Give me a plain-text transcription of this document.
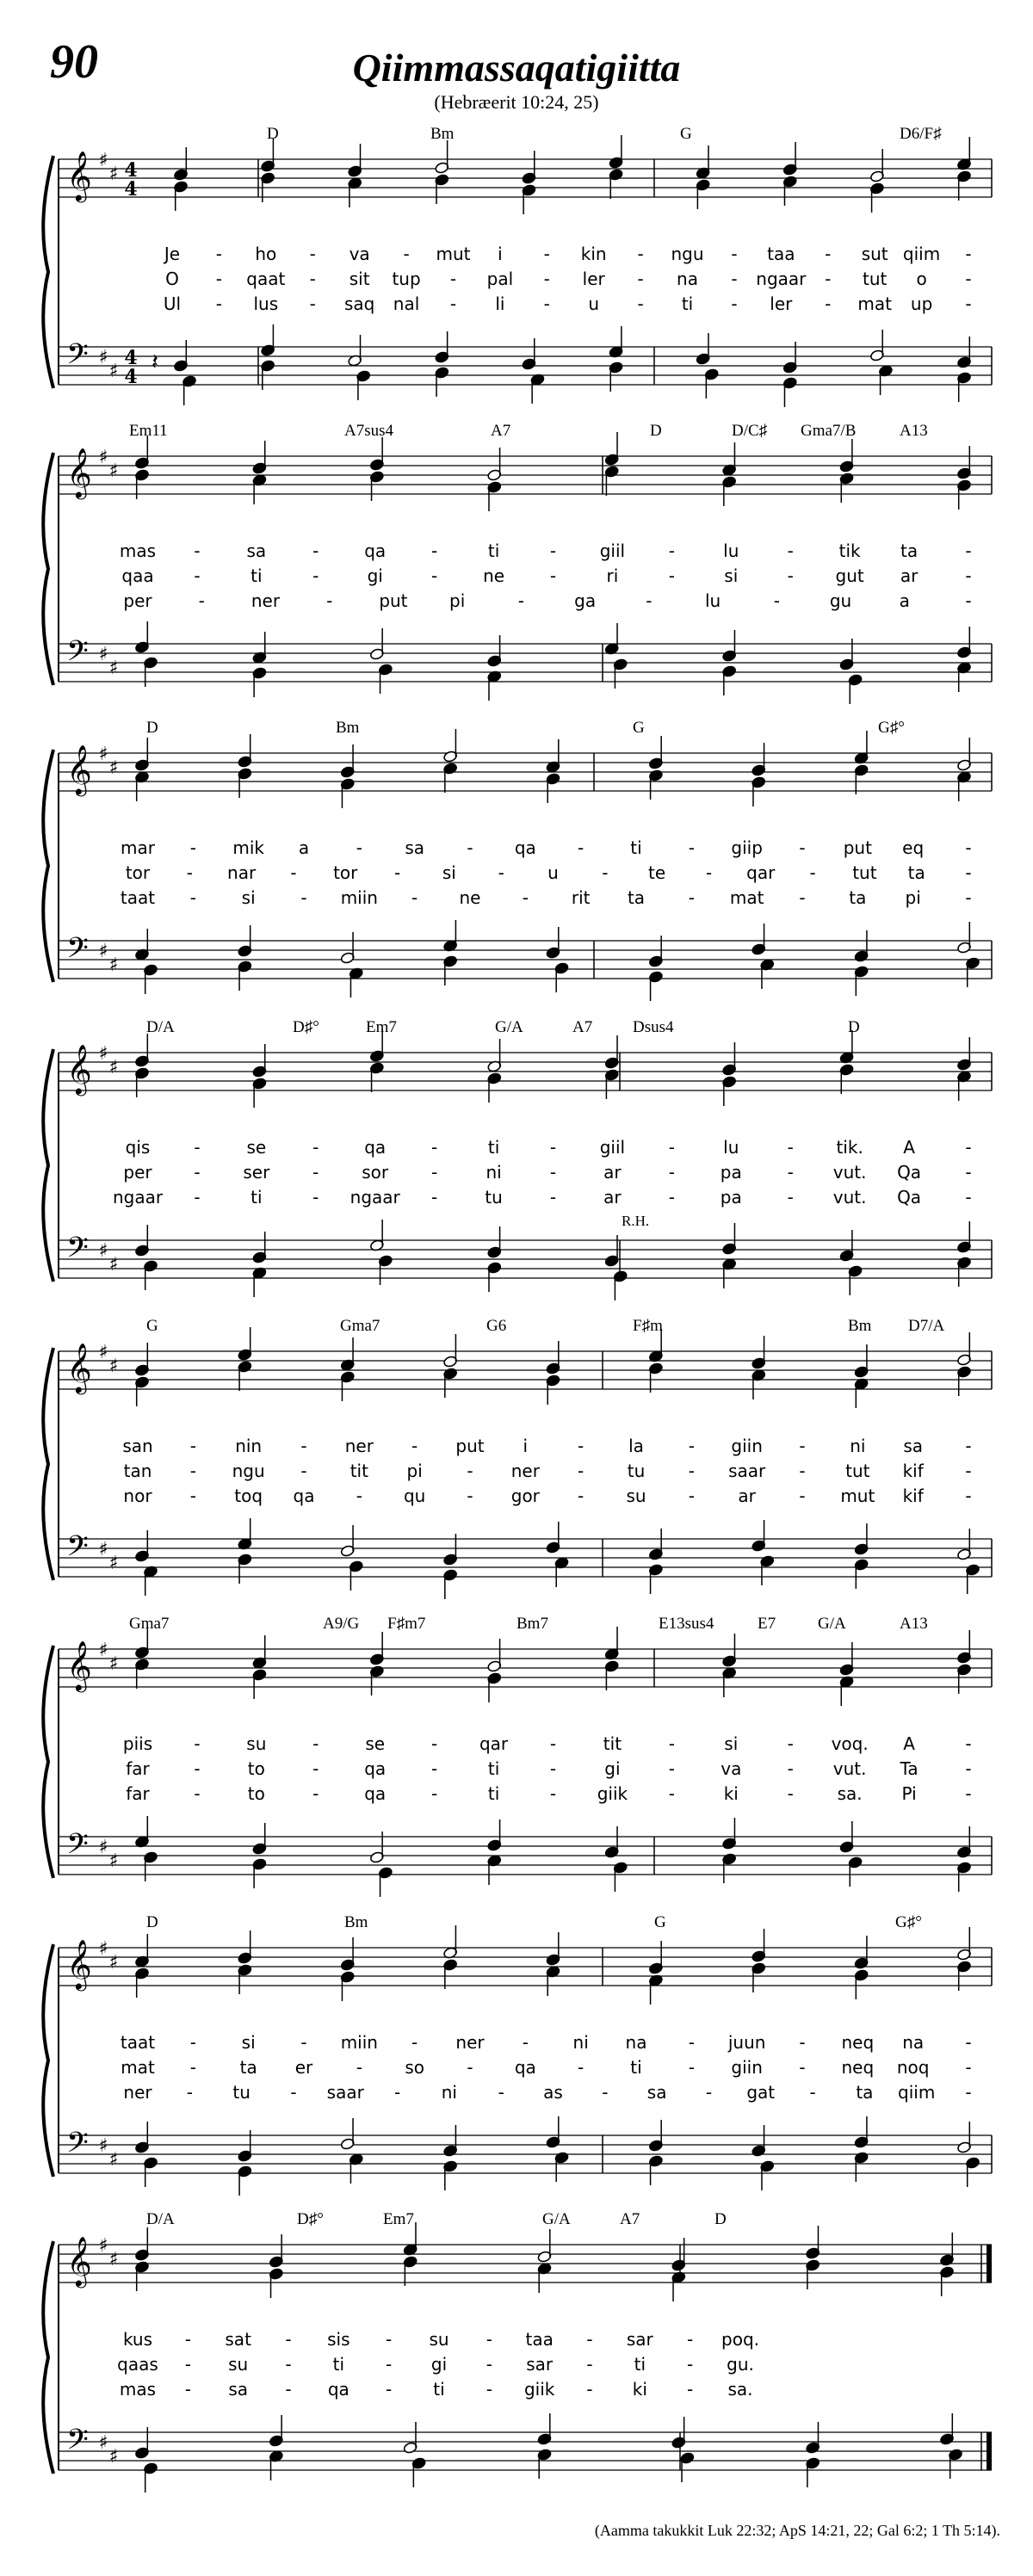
90	Qiimmassaqatigiitta
(Hebræerit 10:24, 25)
𝄞
𝄢
♯
♯
♯
♯
4
4
4
4
𝄽
D	Bm	G	D6/F♯
Je - ho - va - mut i - kin - ngu - taa - sut qiim -
O - qaat - sit tup - pal - ler - na - ngaar - tut o -
Ul - lus - saq nal - li - u - ti - ler - mat up -
𝄞
𝄢
♯
♯
♯
♯
Em11	A7sus4	A7	D	D/C♯ Gma7/B	A13
mas -	sa	-	qa	-	ti	-	giil	-	lu	-	tik ta	-
qaa -	ti	-	gi	-	ne	-	ri	-	si	- gut ar	-
per	-	ner	-	put pi	-	ga	-	lu	-	gu	a	-
𝄞
𝄢
♯
♯
♯
♯
D	Bm	G	G♯°
mar - mik a	- sa - qa -	ti	- giip - put eq -
tor - nar - tor - si -	u	- te - qar - tut ta -
taat -	si	- miin - ne - rit ta	- mat -	ta pi	-
𝄞
𝄢
♯
♯
♯
♯
D/A	D♯°	Em7	G/A	A7 Dsus4	D
qis	-	se	-	qa	-	ti	-	giil	-	lu	- tik. A	-
per - ser - sor -	ni	-	ar	-	pa	- vut. Qa	-
ngaar -	ti	- ngaar -	tu	-	ar	-	pa	- vut. Qa	-
R.H.
𝄞
𝄢
♯
♯
♯
♯
G	Gma7	G6	F♯m	Bm D7/A
san - nin - ner - put i	-	la	- giin -	ni sa -
tan - ngu -	tit pi	- ner -	tu	- saar - tut kif -
nor - toq qa - qu - gor - su -	ar	- mut kif -
𝄞
𝄢
♯
♯
♯
♯
Gma7	A9/G F♯m7	Bm7	E13sus4	E7	G/A	A13
piis -	su	-	se	- qar -	tit	-	si	- voq. A	-
far	-	to	-	qa	-	ti	-	gi	-	va	- vut. Ta	-
far	-	to	-	qa	-	ti	- giik -	ki	-	sa. Pi	-
𝄞
𝄢
♯
♯
♯
♯
D	Bm	G	G♯°
taat -	si	- miin - ner -	ni na - juun - neq na -
mat -	ta er	- so - qa -	ti	- giin - neq noq -
ner - tu - saar - ni - as - sa - gat - ta qiim -
𝄞
𝄢
♯
♯
♯
♯
D/A	D♯°	Em7	G/A	A7	D
kus - sat - sis - su - taa - sar - poq.
qaas - su - ti - gi - sar - ti - gu.
mas - sa - qa - ti - giik - ki - sa.
(Aamma takukkit Luk 22:32; ApS 14:21, 22; Gal 6:2; 1 Th 5:14).
